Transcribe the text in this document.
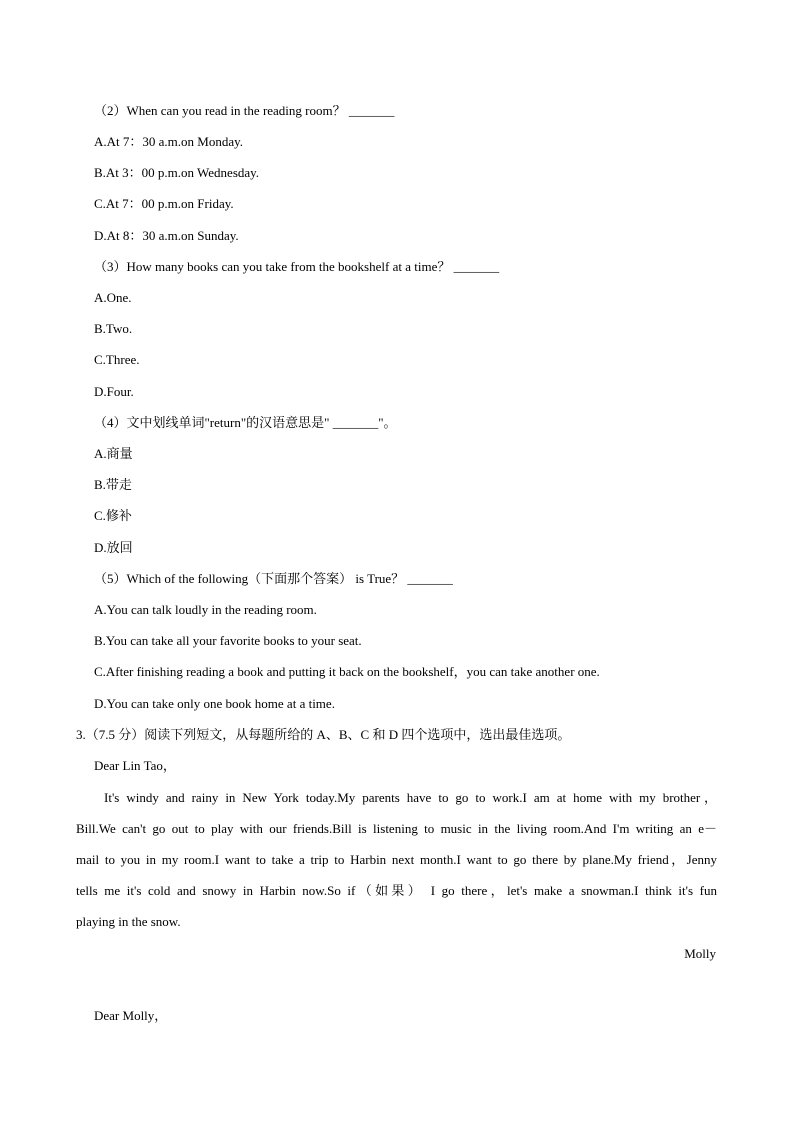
（2）When can you read in the reading room？ _______
A.At 7：30 a.m.on Monday.
B.At 3：00 p.m.on Wednesday.
C.At 7：00 p.m.on Friday.
D.At 8：30 a.m.on Sunday.
（3）How many books can you take from the bookshelf at a time？ _______
A.One.
B.Two.
C.Three.
D.Four.
（4）文中划线单词"return"的汉语意思是" _______"。
A.商量
B.带走
C.修补
D.放回
（5）Which of the following（下面那个答案） is True？ _______
A.You can talk loudly in the reading room.
B.You can take all your favorite books to your seat.
C.After finishing reading a book and putting it back on the bookshelf，you can take another one.
D.You can take only one book home at a time.
3.（7.5 分）阅读下列短文，从每题所给的 A、B、C 和 D 四个选项中，选出最佳选项。
Dear Lin Tao，
It's windy and rainy in New York today.My parents have to go to work.I am at home with my brother，
Bill.We can't go out to play with our friends.Bill is listening to music in the living room.And I'm writing an e－
mail to you in my room.I want to take a trip to Harbin next month.I want to go there by plane.My friend，Jenny
tells me it's cold and snowy in Harbin now.So if（如果） I go there，let's make a snowman.I think it's fun
playing in the snow.
Molly
Dear Molly，
